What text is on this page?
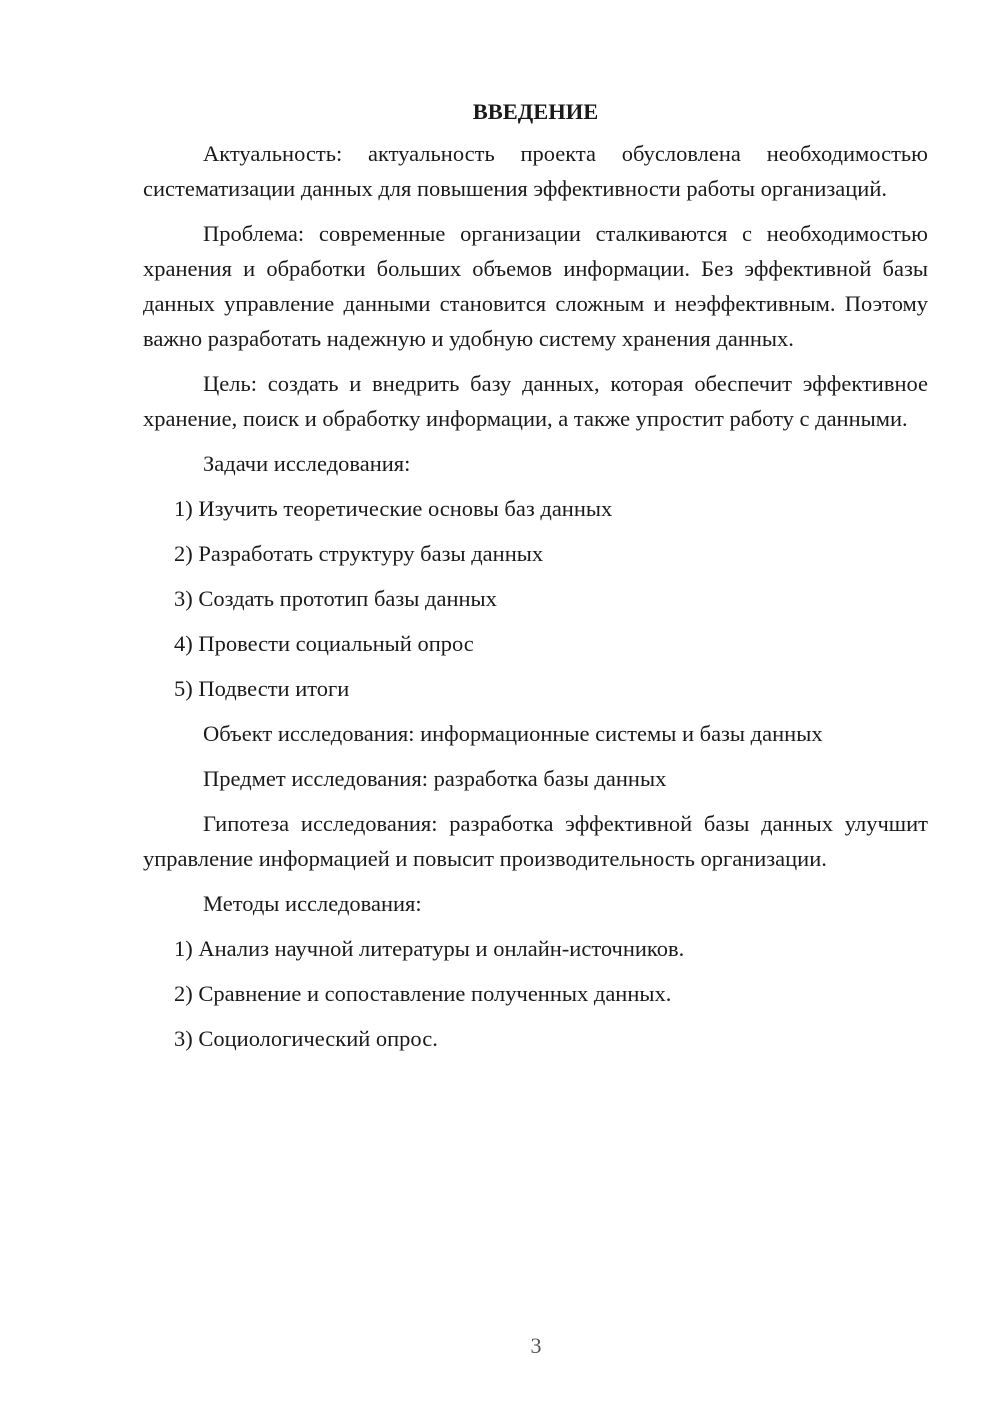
ВВЕДЕНИЕ

Актуальность: актуальность проекта обусловлена необходимостью систематизации данных для повышения эффективности работы организаций.

Проблема: современные организации сталкиваются с необходимостью хранения и обработки больших объемов информации. Без эффективной базы данных управление данными становится сложным и неэффективным. Поэтому важно разработать надежную и удобную систему хранения данных.

Цель: создать и внедрить базу данных, которая обеспечит эффективное хранение, поиск и обработку информации, а также упростит работу с данными.

Задачи исследования:

1) Изучить теоретические основы баз данных
2) Разработать структуру базы данных
3) Создать прототип базы данных
4) Провести социальный опрос
5) Подвести итоги

Объект исследования: информационные системы и базы данных

Предмет исследования: разработка базы данных

Гипотеза исследования: разработка эффективной базы данных улучшит управление информацией и повысит производительность организации.

Методы исследования:

1) Анализ научной литературы и онлайн-источников.
2) Сравнение и сопоставление полученных данных.
3) Социологический опрос.
3
